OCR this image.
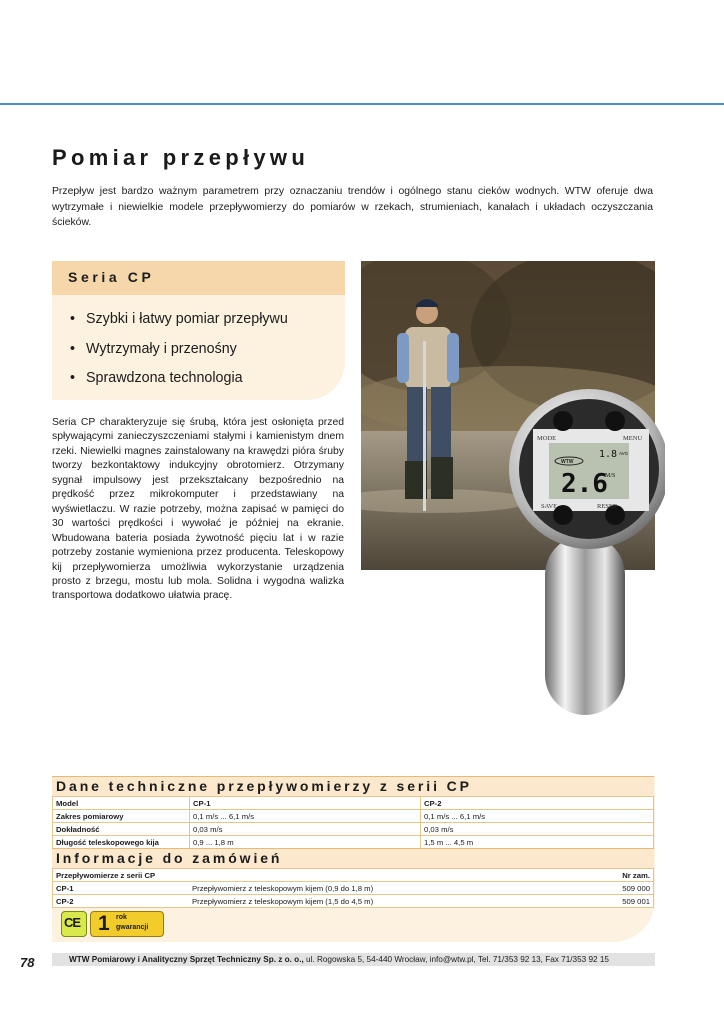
Pomiar przepływu
Przepływ jest bardzo ważnym parametrem przy oznaczaniu trendów i ogólnego stanu cieków wodnych. WTW oferuje dwa wytrzymałe i niewielkie modele przepływomierzy do pomiarów w rzekach, strumieniach, kanałach i układach oczyszczania ścieków.
Seria CP
• Szybki i łatwy pomiar przepływu
• Wytrzymały i przenośny
• Sprawdzona technologia
Seria CP charakteryzuje się śrubą, która jest osłonięta przed spływającymi zanieczyszczeniami stałymi i kamienistym dnem rzeki. Niewielki magnes zainstalowany na krawędzi pióra śruby tworzy bezkontaktowy indukcyjny obrotomierz. Otrzymany sygnał impulsowy jest przekształcany bezpośrednio na prędkość przez mikrokomputer i przedstawiany na wyświetlaczu. W razie potrzeby, można zapisać w pamięci do 30 wartości prędkości i wywołać je później na ekranie. Wbudowana bateria posiada żywotność pięciu lat i w razie potrzeby zostanie wymieniona przez producenta. Teleskopowy kij przepływomierza umożliwia wykorzystanie urządzenia prosto z brzegu, mostu lub mola. Solidna i wygodna walizka transportowa dodatkowo ułatwia pracę.
MODE	MENU
SAVE	RESET
WTW
1.8 AVG
2.6
M/S
Dane techniczne przepływomierzy z serii CP
Model	CP-1	CP-2
Zakres pomiarowy	0,1 m/s ... 6,1 m/s	0,1 m/s ... 6,1 m/s
Dokładność	0,03 m/s	0,03 m/s
Długość teleskopowego kija	0,9 ... 1,8 m	1,5 m ... 4,5 m
Informacje do zamówień
Przepływomierze z serii CP		Nr zam.
CP-1	Przepływomierz z teleskopowym kijem (0,9 do 1,8 m)	509 000
CP-2	Przepływomierz z teleskopowym kijem (1,5 do 4,5 m)	509 001
CE 1 rok
gwarancji
78	WTW Pomiarowy i Analityczny Sprzęt Techniczny Sp. z o. o., ul. Rogowska 5, 54-440 Wrocław, info@wtw.pl, Tel. 71/353 92 13, Fax 71/353 92 15
